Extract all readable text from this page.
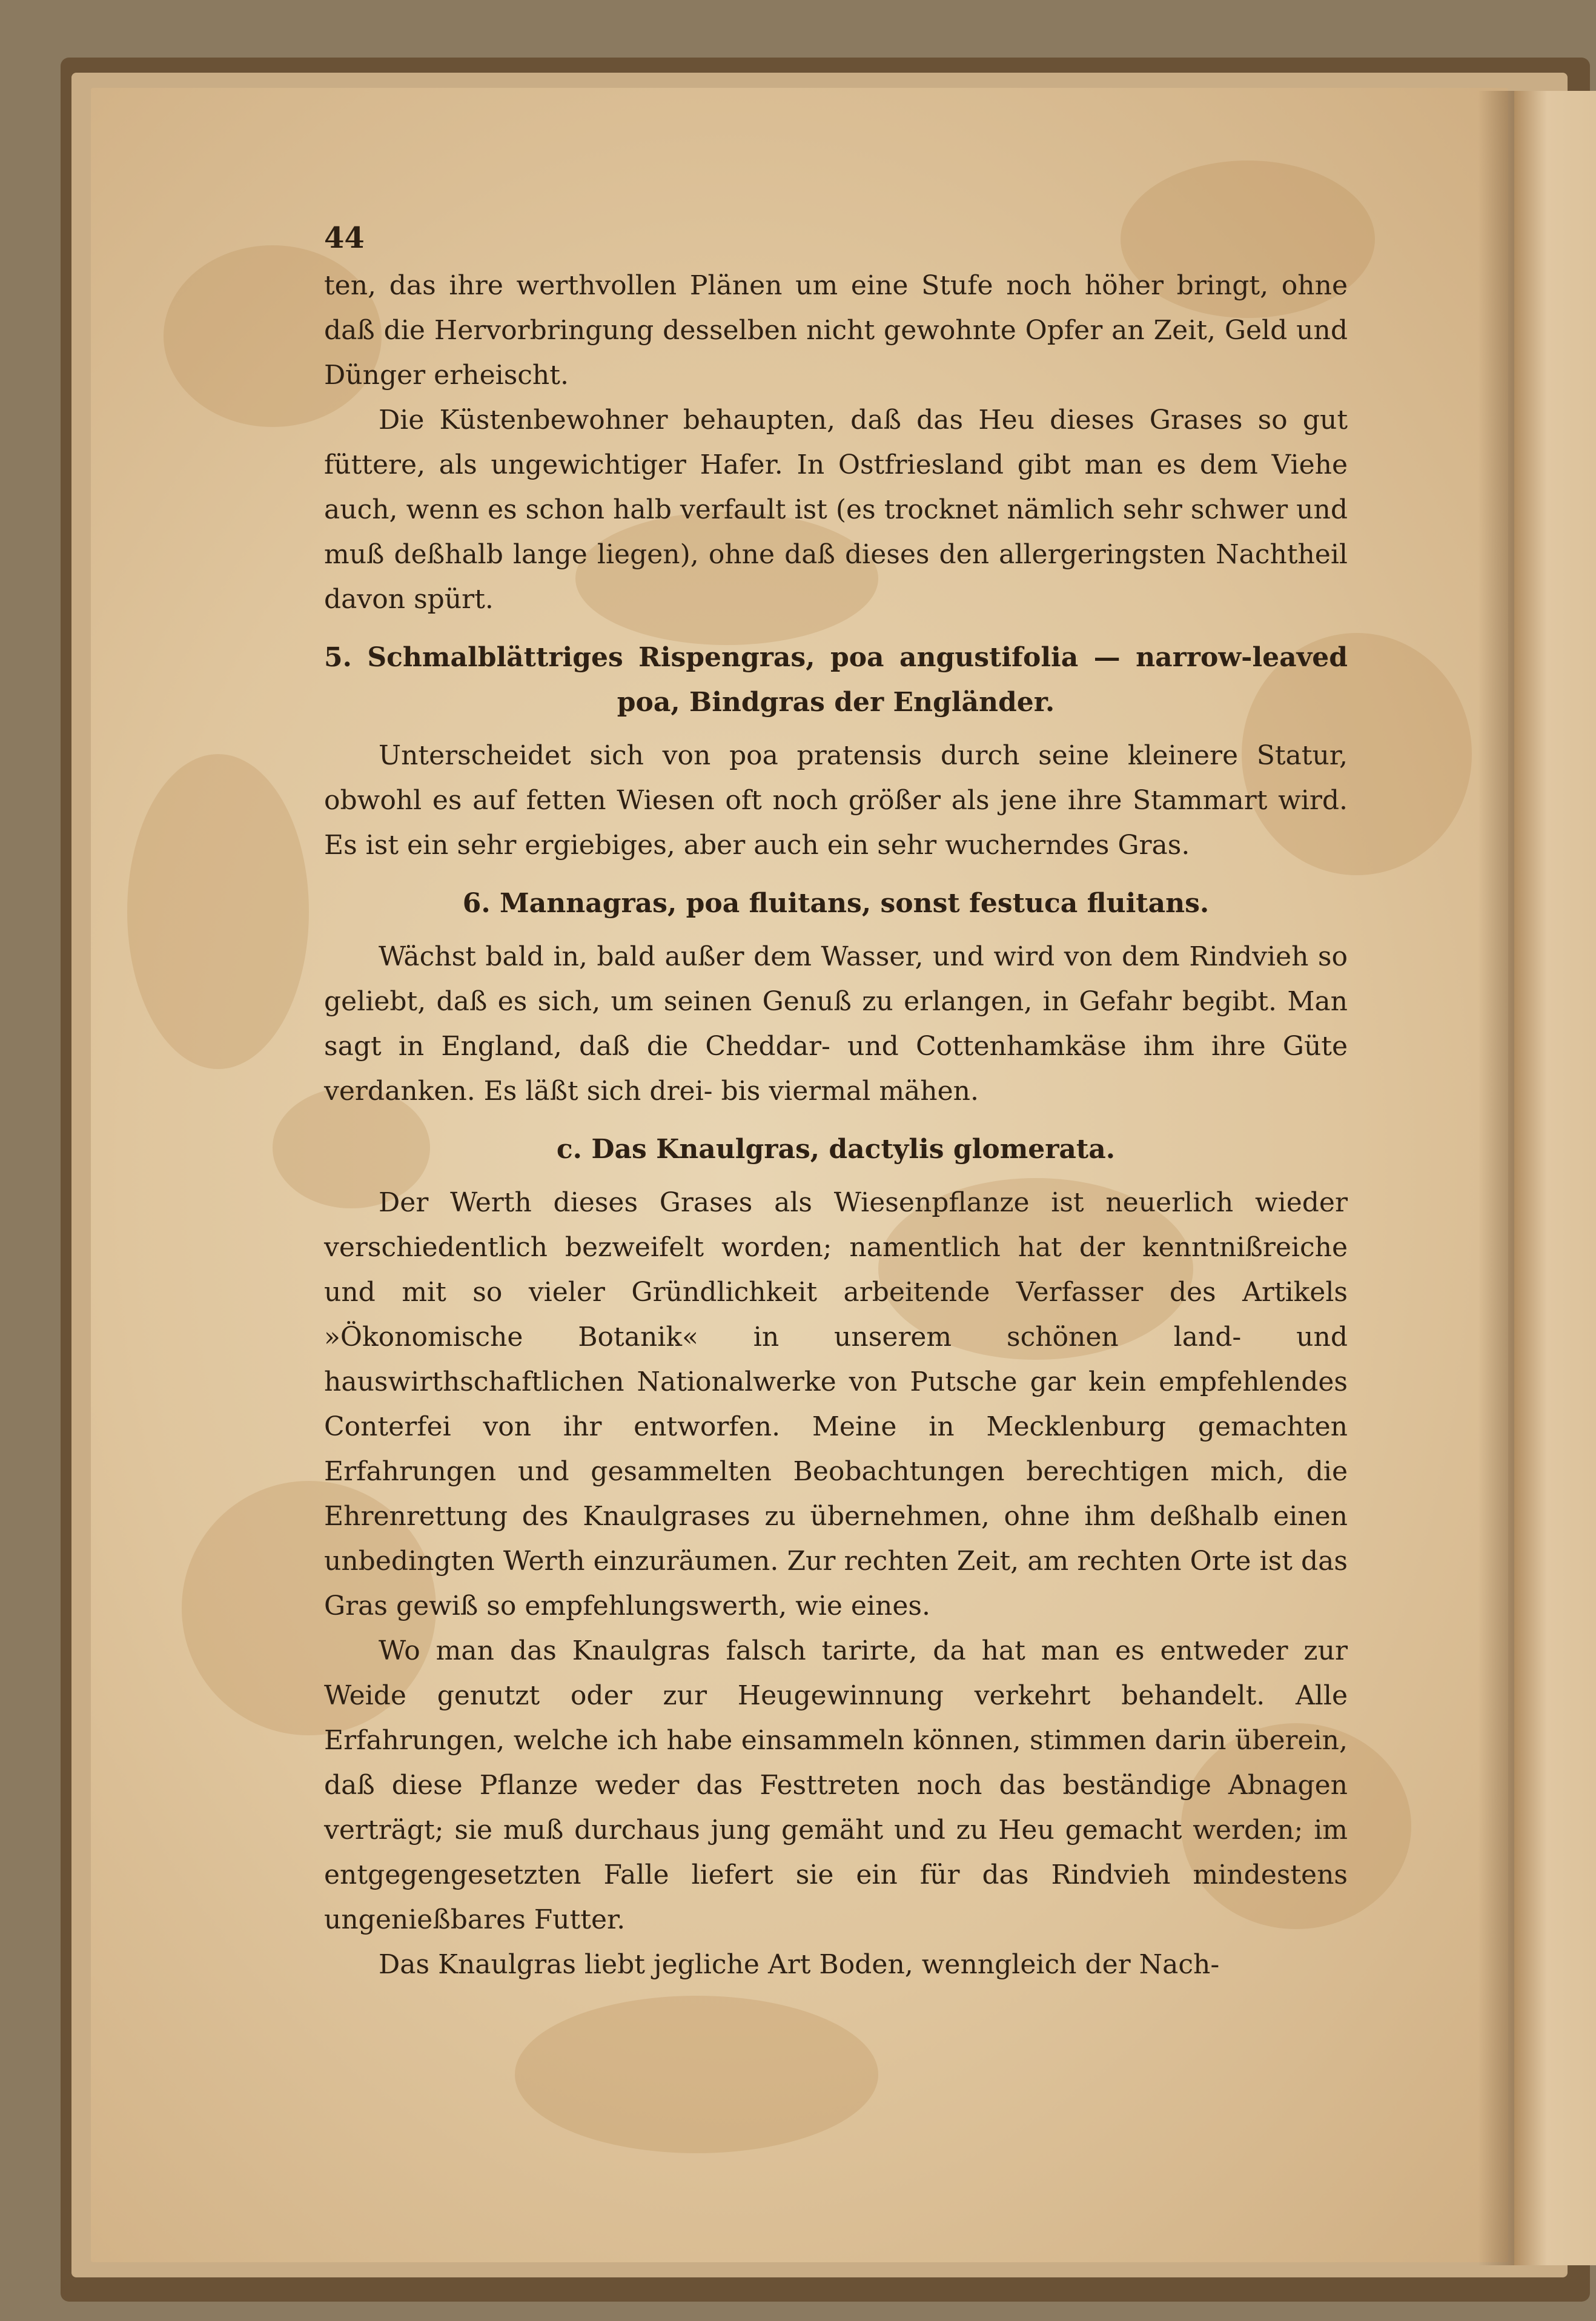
44

ten, das ihre werthvollen Plänen um eine Stufe noch höher bringt, ohne daß die Hervorbringung desselben nicht gewohnte Opfer an Zeit, Geld und Dünger erheischt.

Die Küstenbewohner behaupten, daß das Heu dieses Grases so gut füttere, als ungewichtiger Hafer. In Ostfriesland gibt man es dem Viehe auch, wenn es schon halb verfault ist (es trocknet nämlich sehr schwer und muß deßhalb lange liegen), ohne daß dieses den allergeringsten Nachtheil davon spürt.

5. Schmalblättriges Rispengras, poa angustifolia — narrow-leaved poa, Bindgras der Engländer.

Unterscheidet sich von poa pratensis durch seine kleinere Statur, obwohl es auf fetten Wiesen oft noch größer als jene ihre Stammart wird. Es ist ein sehr ergiebiges, aber auch ein sehr wucherndes Gras.

6. Mannagras, poa fluitans, sonst festuca fluitans.

Wächst bald in, bald außer dem Wasser, und wird von dem Rindvieh so geliebt, daß es sich, um seinen Genuß zu erlangen, in Gefahr begibt. Man sagt in England, daß die Cheddar- und Cottenhamkäse ihm ihre Güte verdanken. Es läßt sich drei- bis viermal mähen.

c. Das Knaulgras, dactylis glomerata.

Der Werth dieses Grases als Wiesenpflanze ist neuerlich wieder verschiedentlich bezweifelt worden; namentlich hat der kenntnißreiche und mit so vieler Gründlichkeit arbeitende Verfasser des Artikels »Ökonomische Botanik« in unserem schönen land- und hauswirthschaftlichen Nationalwerke von Putsche gar kein empfehlendes Conterfei von ihr entworfen. Meine in Mecklenburg gemachten Erfahrungen und gesammelten Beobachtungen berechtigen mich, die Ehrenrettung des Knaulgrases zu übernehmen, ohne ihm deßhalb einen unbedingten Werth einzuräumen. Zur rechten Zeit, am rechten Orte ist das Gras gewiß so empfehlungswerth, wie eines.

Wo man das Knaulgras falsch tarirte, da hat man es entweder zur Weide genutzt oder zur Heugewinnung verkehrt behandelt. Alle Erfahrungen, welche ich habe einsammeln können, stimmen darin überein, daß diese Pflanze weder das Festtreten noch das beständige Abnagen verträgt; sie muß durchaus jung gemäht und zu Heu gemacht werden; im entgegengesetzten Falle liefert sie ein für das Rindvieh mindestens ungenießbares Futter.

Das Knaulgras liebt jegliche Art Boden, wenngleich der Nach-
